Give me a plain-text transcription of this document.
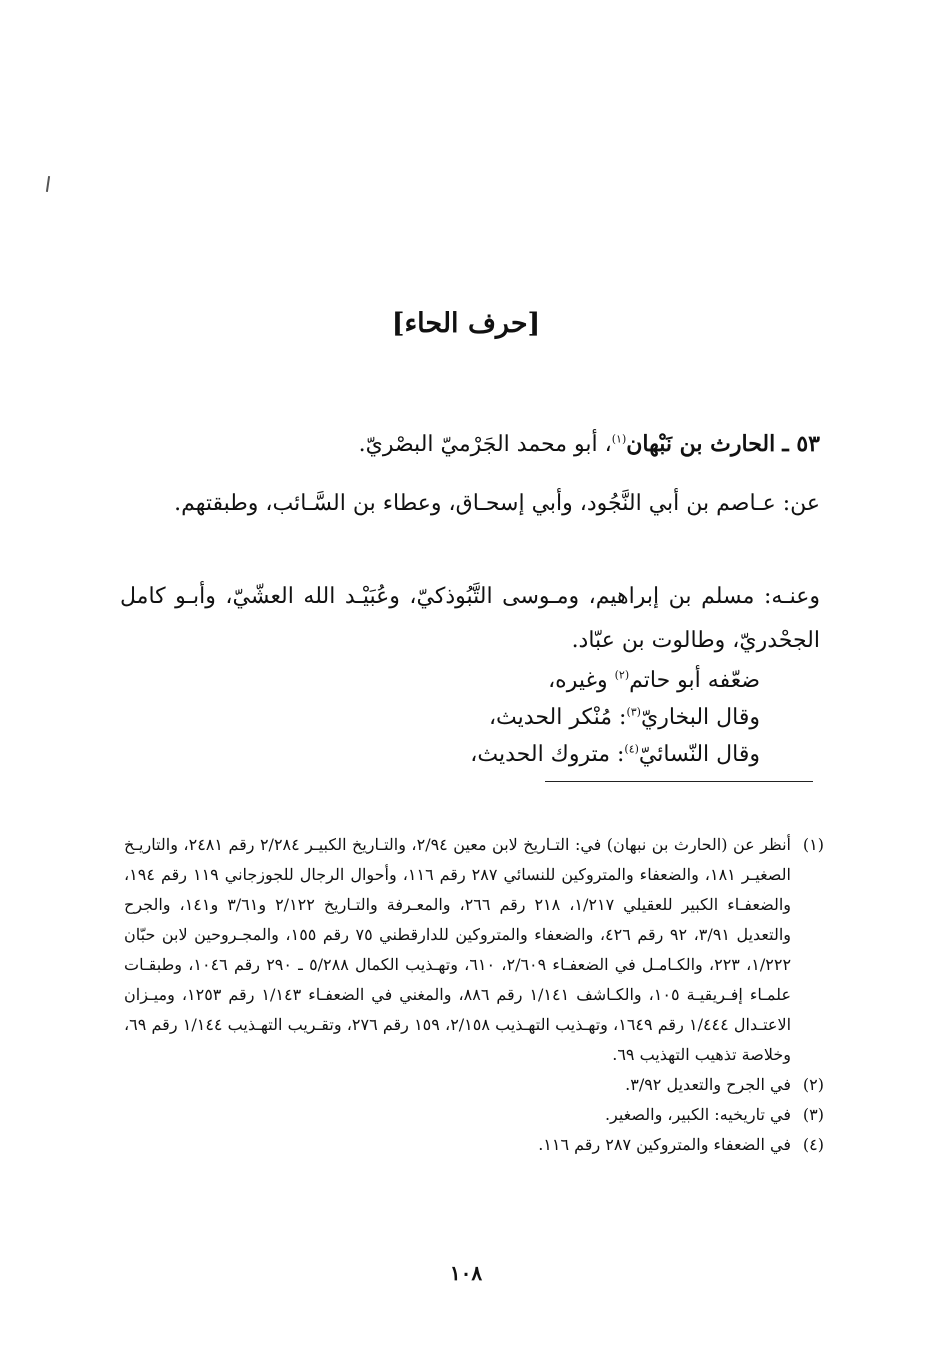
[حرف الحاء]
٥٣ ـ الحارث بن نَبْهان$^{(١)}$، أبو محمد الجَرْميّ البصْريّ.
عن: عـاصم بن أبي النَّجُود، وأبي إسحـاق، وعطاء بن السَّـائب، وطبقتهم.
وعنـه: مسلم بن إبراهيم، ومـوسى التَّبُوذكيّ، وعُبَيْـد الله العشّيّ، وأبـو كامل الجحْدريّ، وطالوت بن عبّاد.
ضعّفه أبو حاتم$^{(٢)}$ وغيره،
وقال البخاريّ$^{(٣)}$: مُنْكر الحديث،
وقال النّسائيّ$^{(٤)}$: متروك الحديث،
(١)
أنظر عن (الحارث بن نبهان) في: التـاريخ لابن معين ٢/٩٤، والتـاريخ الكبيـر ٢/٢٨٤ رقم ٢٤٨١، والتاريـخ الصغيـر ١٨١، والضعفاء والمتروكين للنسائي ٢٨٧ رقم ١١٦، وأحوال الرجال للجوزجاني ١١٩ رقم ١٩٤، والضعفـاء الكبير للعقيلي ١/٢١٧، ٢١٨ رقم ٢٦٦، والمعـرفة والتـاريخ ٢/١٢٢ و٣/٦١ و١٤١، والجرح والتعديل ٣/٩١، ٩٢ رقم ٤٢٦، والضعفاء والمتروكين للدارقطني ٧٥ رقم ١٥٥، والمجـروحين لابن حبّان ١/٢٢٢، ٢٢٣، والكـامـل في الضعفـاء ٢/٦٠٩، ٦١٠، وتهـذيب الكمال ٥/٢٨٨ ـ ٢٩٠ رقم ١٠٤٦، وطبقـات علمـاء إفـريقيـة ١٠٥، والكـاشف ١/١٤١ رقم ٨٨٦، والمغني في الضعفـاء ١/١٤٣ رقم ١٢٥٣، وميـزان الاعتـدال ١/٤٤٤ رقم ١٦٤٩، وتهـذيب التهـذيب ٢/١٥٨، ١٥٩ رقم ٢٧٦، وتقـريب التهـذيب ١/١٤٤ رقم ٦٩، وخلاصة تذهيب التهذيب ٦٩.
(٢)
في الجرح والتعديل ٣/٩٢.
(٣)
في تاريخيه: الكبير، والصغير.
(٤)
في الضعفاء والمتروكين ٢٨٧ رقم ١١٦.
١٠٨
